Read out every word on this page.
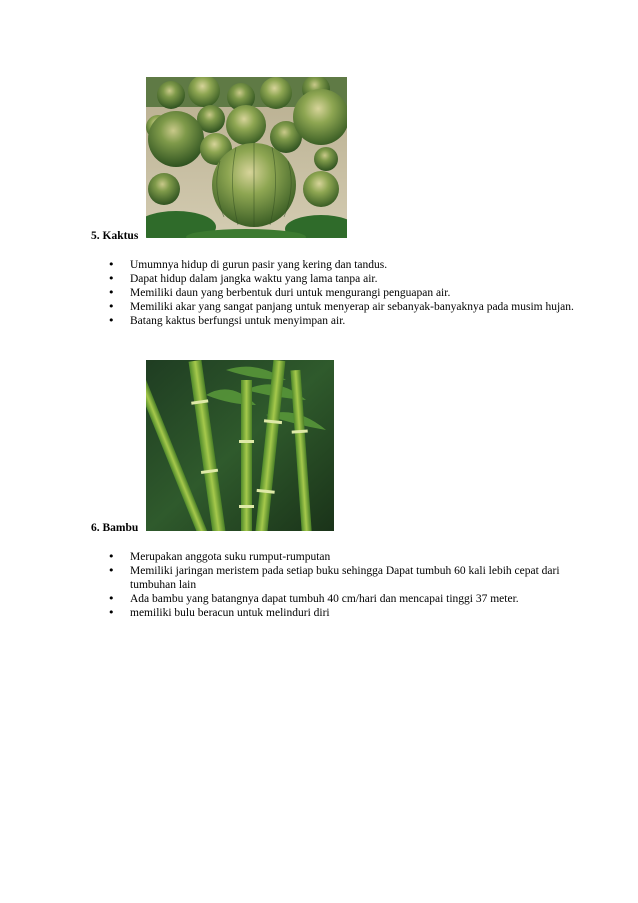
5. Kaktus
• Umumnya hidup di gurun pasir yang kering dan tandus.
• Dapat hidup dalam jangka waktu yang lama tanpa air.
• Memiliki daun yang berbentuk duri untuk mengurangi penguapan air.
• Memiliki akar yang sangat panjang untuk menyerap air sebanyak-banyaknya pada musim hujan.
• Batang kaktus berfungsi untuk menyimpan air.
6. Bambu
• Merupakan anggota suku rumput-rumputan
• Memiliki jaringan meristem pada setiap buku sehingga Dapat tumbuh 60 kali lebih cepat dari tumbuhan lain
• Ada bambu yang batangnya dapat tumbuh 40 cm/hari dan mencapai tinggi 37 meter.
• memiliki bulu beracun untuk melinduri diri
